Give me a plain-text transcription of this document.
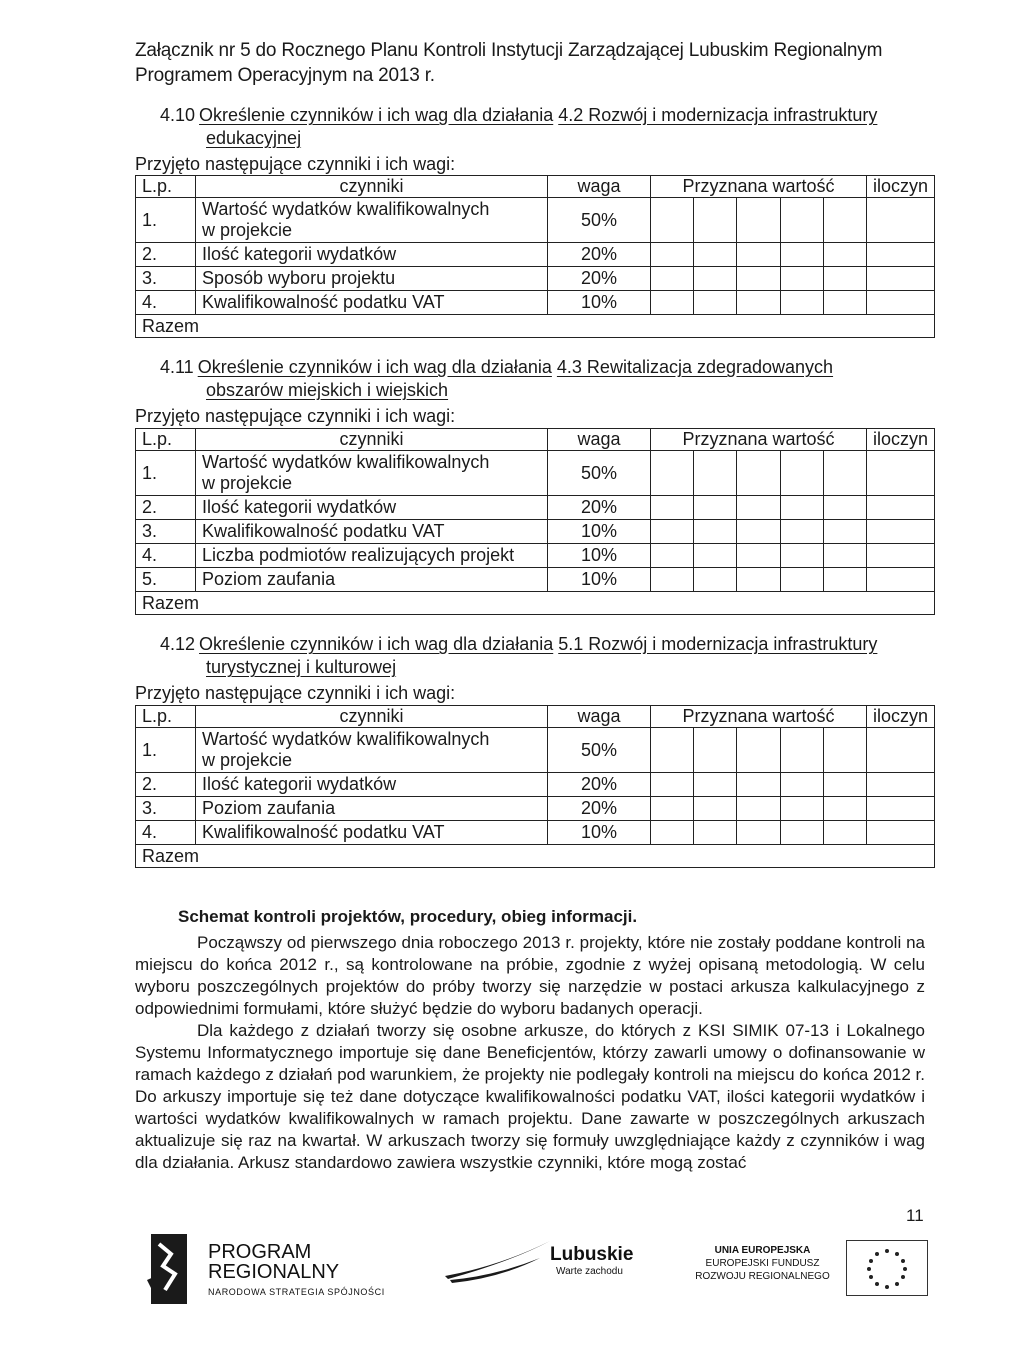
Załącznik nr 5 do Rocznego Planu Kontroli Instytucji Zarządzającej Lubuskim Regionalnym Programem Operacyjnym na 2013 r.
4.10 Określenie czynników i ich wag dla działania 4.2 Rozwój i modernizacja infrastruktury
edukacyjnej
Przyjęto następujące czynniki i ich wagi:
L.p.	czynniki	waga	Przyznana wartość	iloczyn
1.	Wartość wydatków kwalifikowalnych
w projekcie	50%	

2.	Ilość kategorii wydatków	20%	

3.	Sposób wyboru projektu	20%	

4.	Kwalifikowalność podatku VAT	10%	

Razem				
4.11 Określenie czynników i ich wag dla działania 4.3 Rewitalizacja zdegradowanych
obszarów miejskich i wiejskich
Przyjęto następujące czynniki i ich wagi:
L.p.	czynniki	waga	Przyznana wartość	iloczyn
1.	Wartość wydatków kwalifikowalnych
w projekcie	50%	

2.	Ilość kategorii wydatków	20%	

3.	Kwalifikowalność podatku VAT	10%	

4.	Liczba podmiotów realizujących projekt	10%	

5.	Poziom zaufania	10%	

Razem				
4.12 Określenie czynników i ich wag dla działania 5.1 Rozwój i modernizacja infrastruktury
turystycznej i kulturowej
Przyjęto następujące czynniki i ich wagi:
L.p.	czynniki	waga	Przyznana wartość	iloczyn
1.	Wartość wydatków kwalifikowalnych
w projekcie	50%	

2.	Ilość kategorii wydatków	20%	

3.	Poziom zaufania	20%	

4.	Kwalifikowalność podatku VAT	10%	

Razem				
Schemat kontroli projektów, procedury, obieg informacji.

Począwszy od pierwszego dnia roboczego 2013 r. projekty, które nie zostały poddane kontroli na miejscu do końca 2012 r., są kontrolowane na próbie, zgodnie z wyżej opisaną metodologią. W celu wyboru poszczególnych projektów do próby tworzy się narzędzie w postaci arkusza kalkulacyjnego z odpowiednimi formułami, które służyć będzie do wyboru badanych operacji.

Dla każdego z działań tworzy się osobne arkusze, do których z KSI SIMIK 07-13 i Lokalnego Systemu Informatycznego importuje się dane Beneficjentów, którzy zawarli umowy o dofinansowanie w ramach każdego z działań pod warunkiem, że projekty nie podlegały kontroli na miejscu do końca 2012 r. Do arkuszy importuje się też dane dotyczące kwalifikowalności podatku VAT, ilości kategorii wydatków i wartości wydatków kwalifikowalnych w ramach projektu. Dane zawarte w poszczególnych arkuszach aktualizuje się raz na kwartał. W arkuszach tworzy się formuły uwzględniające każdy z czynników i wag dla działania. Arkusz standardowo zawiera wszystkie czynniki, które mogą zostać

11
PROGRAM
REGIONALNY
NARODOWA STRATEGIA SPÓJNOŚCI
Lubuskie
Warte zachodu
UNIA EUROPEJSKA
EUROPEJSKI FUNDUSZ
ROZWOJU REGIONALNEGO
